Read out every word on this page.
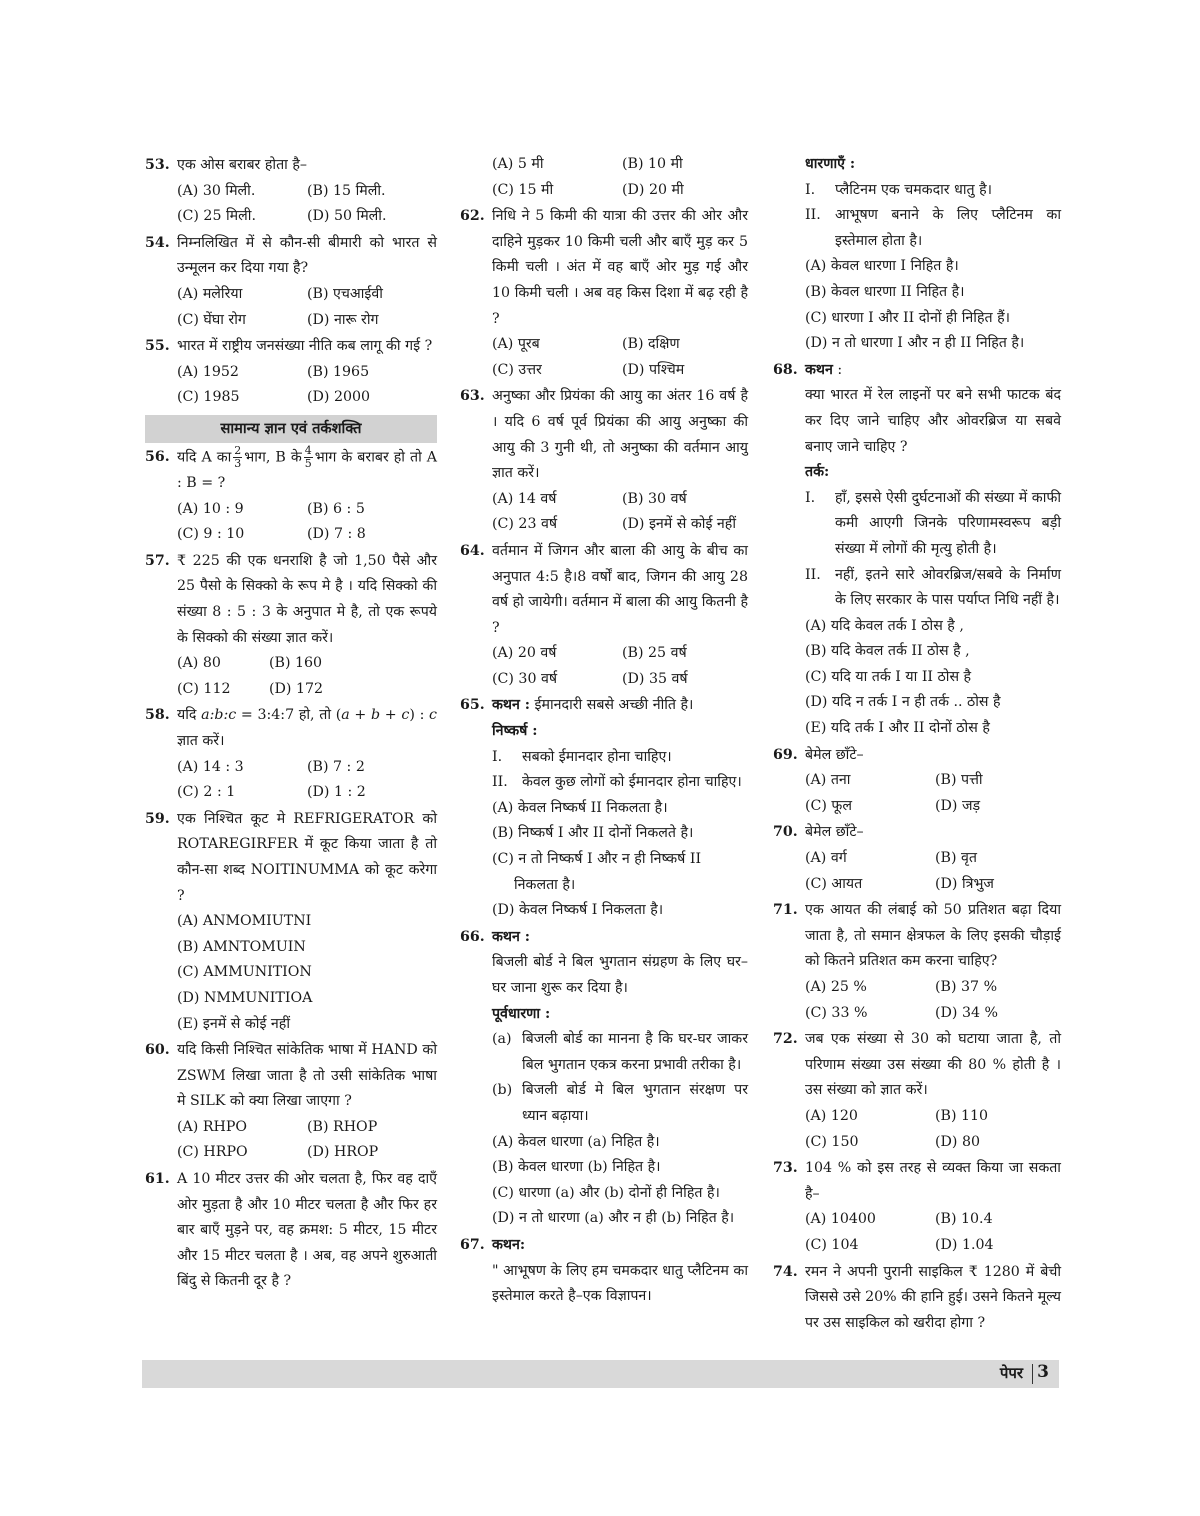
53. एक ओस बराबर होता है–
(A) 30 मिली.	(B) 15 मिली.
(C) 25 मिली.	(D) 50 मिली.
54. निम्नलिखित में से कौन-सी बीमारी को भारत से उन्मूलन कर दिया गया है?
(A) मलेरिया	(B) एचआईवी
(C) घेंघा रोग	(D) नारू रोग
55. भारत में राष्ट्रीय जनसंख्या नीति कब लागू की गई ?
(A) 1952	(B) 1965
(C) 1985	(D) 2000
सामान्य ज्ञान एवं तर्कशक्ति
56. यदि A का $\frac{2}{3}$ भाग, B के $\frac{4}{5}$ भाग के बराबर हो तो A : B = ?
(A) 10 : 9	(B) 6 : 5
(C) 9 : 10	(D) 7 : 8
57. ₹ 225 की एक धनराशि है जो 1,50 पैसे और 25 पैसो के सिक्को के रूप मे है । यदि सिक्को की संख्या 8 : 5 : 3 के अनुपात मे है, तो एक रूपये के सिक्को की संख्या ज्ञात करें।
(A) 80	(B) 160
(C) 112	(D) 172
58. यदि a:b:c = 3:4:7 हो, तो (a + b + c) : c ज्ञात करें।
(A) 14 : 3	(B) 7 : 2
(C) 2 : 1	(D) 1 : 2
59. एक निश्चित कूट मे REFRIGERATOR को ROTAREGIRFER में कूट किया जाता है तो कौन-सा शब्द NOITINUMMA को कूट करेगा ?
(A) ANMOMIUTNI
(B) AMNTOMUIN
(C) AMMUNITION
(D) NMMUNITIOA
(E) इनमें से कोई नहीं
60. यदि किसी निश्चित सांकेतिक भाषा में HAND को ZSWM लिखा जाता है तो उसी सांकेतिक भाषा मे SILK को क्या लिखा जाएगा ?
(A) RHPO	(B) RHOP
(C) HRPO	(D) HROP
61. A 10 मीटर उत्तर की ओर चलता है, फिर वह दाएँ ओर मुड़ता है और 10 मीटर चलता है और फिर हर बार बाएँ मुड़ने पर, वह क्रमश: 5 मीटर, 15 मीटर और 15 मीटर चलता है । अब, वह अपने शुरुआती बिंदु से कितनी दूर है ?
(A) 5 मी	(B) 10 मी
(C) 15 मी	(D) 20 मी
62. निधि ने 5 किमी की यात्रा की उत्तर की ओर और दाहिने मुड़कर 10 किमी चली और बाएँ मुड़ कर 5 किमी चली । अंत में वह बाएँ ओर मुड़ गई और 10 किमी चली । अब वह किस दिशा में बढ़ रही है ?
(A) पूरब	(B) दक्षिण
(C) उत्तर	(D) पश्चिम
63. अनुष्का और प्रियंका की आयु का अंतर 16 वर्ष है । यदि 6 वर्ष पूर्व प्रियंका की आयु अनुष्का की आयु की 3 गुनी थी, तो अनुष्का की वर्तमान आयु ज्ञात करें।
(A) 14 वर्ष	(B) 30 वर्ष
(C) 23 वर्ष	(D) इनमें से कोई नहीं
64. वर्तमान में जिगन और बाला की आयु के बीच का अनुपात 4:5 है।8 वर्षों बाद, जिगन की आयु 28 वर्ष हो जायेगी। वर्तमान में बाला की आयु कितनी है ?
(A) 20 वर्ष	(B) 25 वर्ष
(C) 30 वर्ष	(D) 35 वर्ष
65. कथन : ईमानदारी सबसे अच्छी नीति है।
निष्कर्ष :
I.	सबको ईमानदार होना चाहिए।
II.	केवल कुछ लोगों को ईमानदार होना चाहिए।
(A) केवल निष्कर्ष II निकलता है।
(B) निष्कर्ष I और II दोनों निकलते है।
(C) न तो निष्कर्ष I और न ही निष्कर्ष II निकलता है।
(D) केवल निष्कर्ष I निकलता है।
66. कथन :
बिजली बोर्ड ने बिल भुगतान संग्रहण के लिए घर–घर जाना शुरू कर दिया है।
पूर्वधारणा :
(a) बिजली बोर्ड का मानना है कि घर-घर जाकर बिल भुगतान एकत्र करना प्रभावी तरीका है।
(b) बिजली बोर्ड मे बिल भुगतान संरक्षण पर ध्यान बढ़ाया।
(A) केवल धारणा (a) निहित है।
(B) केवल धारणा (b) निहित है।
(C) धारणा (a) और (b) दोनों ही निहित है।
(D) न तो धारणा (a) और न ही (b) निहित है।
67. कथन:
" आभूषण के लिए हम चमकदार धातु प्लैटिनम का इस्तेमाल करते है–एक विज्ञापन।
धारणाएँ :
I.	प्लैटिनम एक चमकदार धातु है।
II.	आभूषण बनाने के लिए प्लैटिनम का इस्तेमाल होता है।
(A) केवल धारणा I निहित है।
(B) केवल धारणा II निहित है।
(C) धारणा I और II दोनों ही निहित हैं।
(D) न तो धारणा I और न ही II निहित है।
68. कथन :
क्या भारत में रेल लाइनों पर बने सभी फाटक बंद कर दिए जाने चाहिए और ओवरब्रिज या सबवे बनाए जाने चाहिए ?
तर्क:
I.	हाँ, इससे ऐसी दुर्घटनाओं की संख्या में काफी कमी आएगी जिनके परिणामस्वरूप बड़ी संख्या में लोगों की मृत्यु होती है।
II.	नहीं, इतने सारे ओवरब्रिज/सबवे के निर्माण के लिए सरकार के पास पर्याप्त निधि नहीं है।
(A) यदि केवल तर्क I ठोस है ,
(B) यदि केवल तर्क II ठोस है ,
(C) यदि या तर्क I या II ठोस है
(D) यदि न तर्क I न ही तर्क .. ठोस है
(E) यदि तर्क I और II दोनों ठोस है
69. बेमेल छाँटे–
(A) तना	(B) पत्ती
(C) फूल	(D) जड़
70. बेमेल छाँटे–
(A) वर्ग	(B) वृत
(C) आयत	(D) त्रिभुज
71. एक आयत की लंबाई को 50 प्रतिशत बढ़ा दिया जाता है, तो समान क्षेत्रफल के लिए इसकी चौड़ाई को कितने प्रतिशत कम करना चाहिए?
(A) 25 %	(B) 37 %
(C) 33 %	(D) 34 %
72. जब एक संख्या से 30 को घटाया जाता है, तो परिणाम संख्या उस संख्या की 80 % होती है । उस संख्या को ज्ञात करें।
(A) 120	(B) 110
(C) 150	(D) 80
73. 104 % को इस तरह से व्यक्त किया जा सकता है–
(A) 10400	(B) 10.4
(C) 104	(D) 1.04
74. रमन ने अपनी पुरानी साइकिल ₹ 1280 में बेची जिससे उसे 20% की हानि हुई। उसने कितने मूल्य पर उस साइकिल को खरीदा होगा ?
पेपर 3
